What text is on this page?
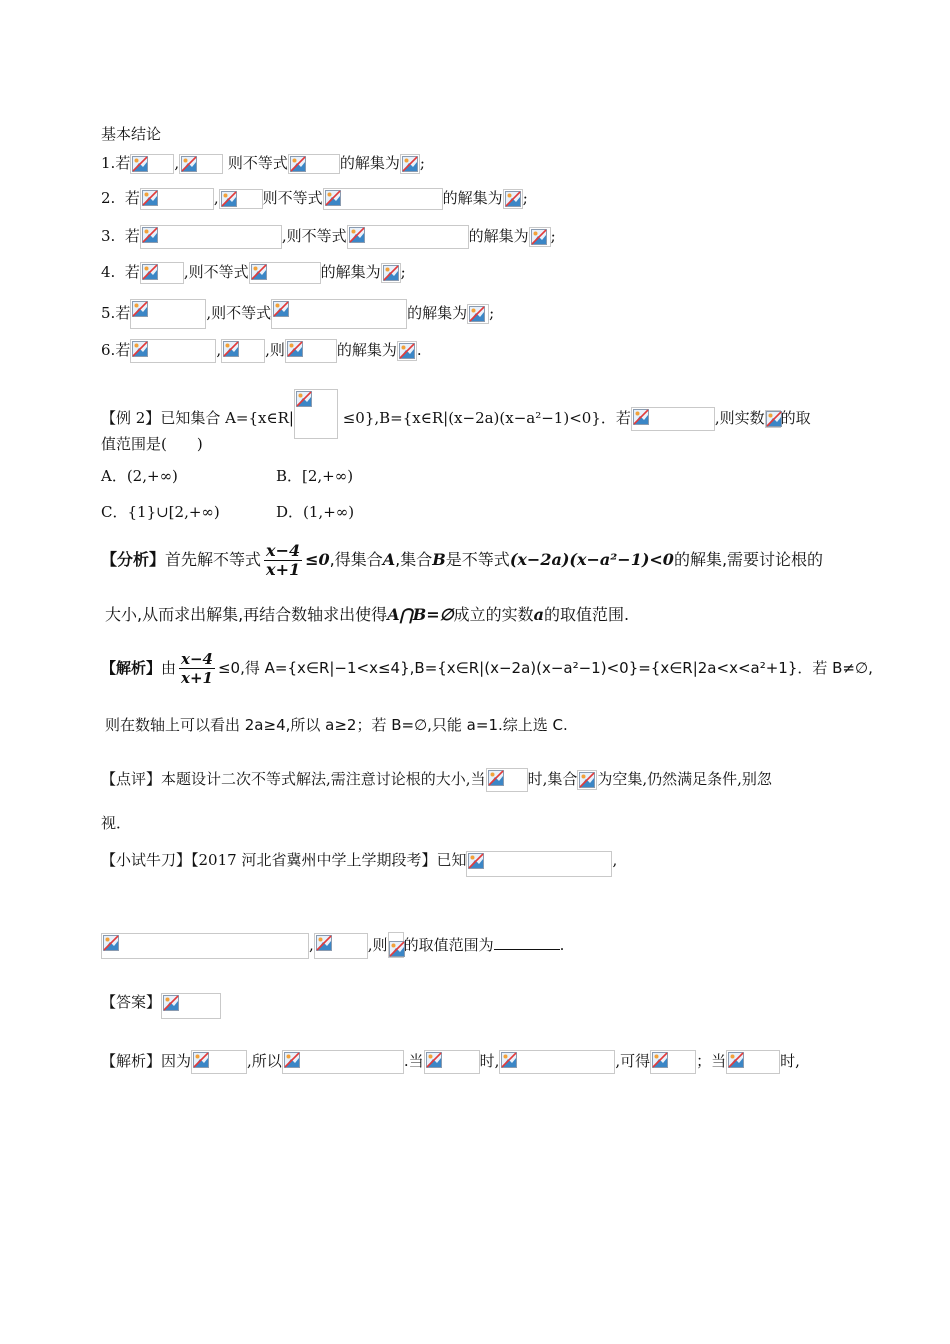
基本结论
1.若	,	则不等式	的解集为 ;
2. 若	,	则不等式	的解集为 ;
3. 若	,则不等式	的解集为 ;
4. 若	,则不等式	的解集为 ;
5.若	,则不等式	的解集为 ;
6.若	,	,则	的解集为 .
【例 2】已知集合 A={x∈R|	≤0},B={x∈R|(x−2a)(x−a²−1)<0}．若	,则实数 的取
值范围是(　　)
A．(2,+∞)	B．[2,+∞)
C．{1}∪[2,+∞)	D．(1,+∞)
【分析】首先解不等式 $\frac{x-4}{x+1} \le 0$,得集合A,集合B是不等式(x−2a)(x−a²−1)<0的解集,需要讨论根的
大小,从而求出解集,再结合数轴求出使得A⋂B=∅成立的实数a的取值范围.
【解析】由 $\frac{x-4}{x+1} \le 0$,得 A={x∈R|−1<x≤4},B={x∈R|(x−2a)(x−a²−1)<0}={x∈R|2a<x<a²+1}．若 B≠∅,
则在数轴上可以看出 2a≥4,所以 a≥2；若 B=∅,只能 a=1.综上选 C.
【点评】本题设计二次不等式解法,需注意讨论根的大小,当	时,集合 为空集,仍然满足条件,别忽
视．
【小试牛刀】【2017 河北省冀州中学上学期段考】已知	,
,	,则 的取值范围为	.
【答案】
【解析】因为	,所以	.当	时,	,可得	；当	时,
